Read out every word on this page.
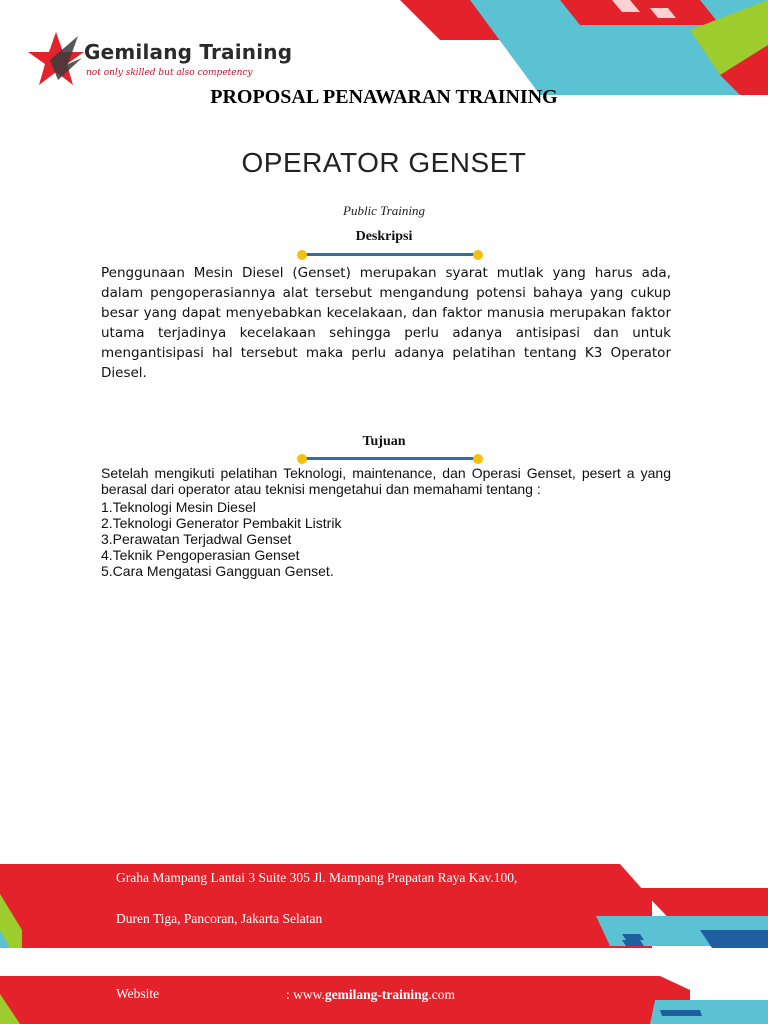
Gemilang Training
not only skilled but also competency
PROPOSAL PENAWARAN TRAINING
OPERATOR GENSET
Public Training
Deskripsi

Penggunaan Mesin Diesel (Genset) merupakan syarat mutlak yang harus ada, dalam pengoperasiannya alat tersebut mengandung potensi bahaya yang cukup besar yang dapat menyebabkan kecelakaan, dan faktor manusia merupakan faktor utama terjadinya kecelakaan sehingga perlu adanya antisipasi dan untuk mengantisipasi hal tersebut maka perlu adanya pelatihan tentang K3 Operator Diesel.

Tujuan

Setelah mengikuti pelatihan Teknologi, maintenance, dan Operasi Genset, pesert a yang berasal dari operator atau teknisi mengetahui dan memahami tentang :

1.Teknologi Mesin Diesel
2.Teknologi Generator Pembakit Listrik
3.Perawatan Terjadwal Genset
4.Teknik Pengoperasian Genset
5.Cara Mengatasi Gangguan Genset.
Graha Mampang Lantai 3 Suite 305 Jl. Mampang Prapatan Raya Kav.100,
Duren Tiga, Pancoran, Jakarta Selatan
Website	: www.gemilang-training.com
